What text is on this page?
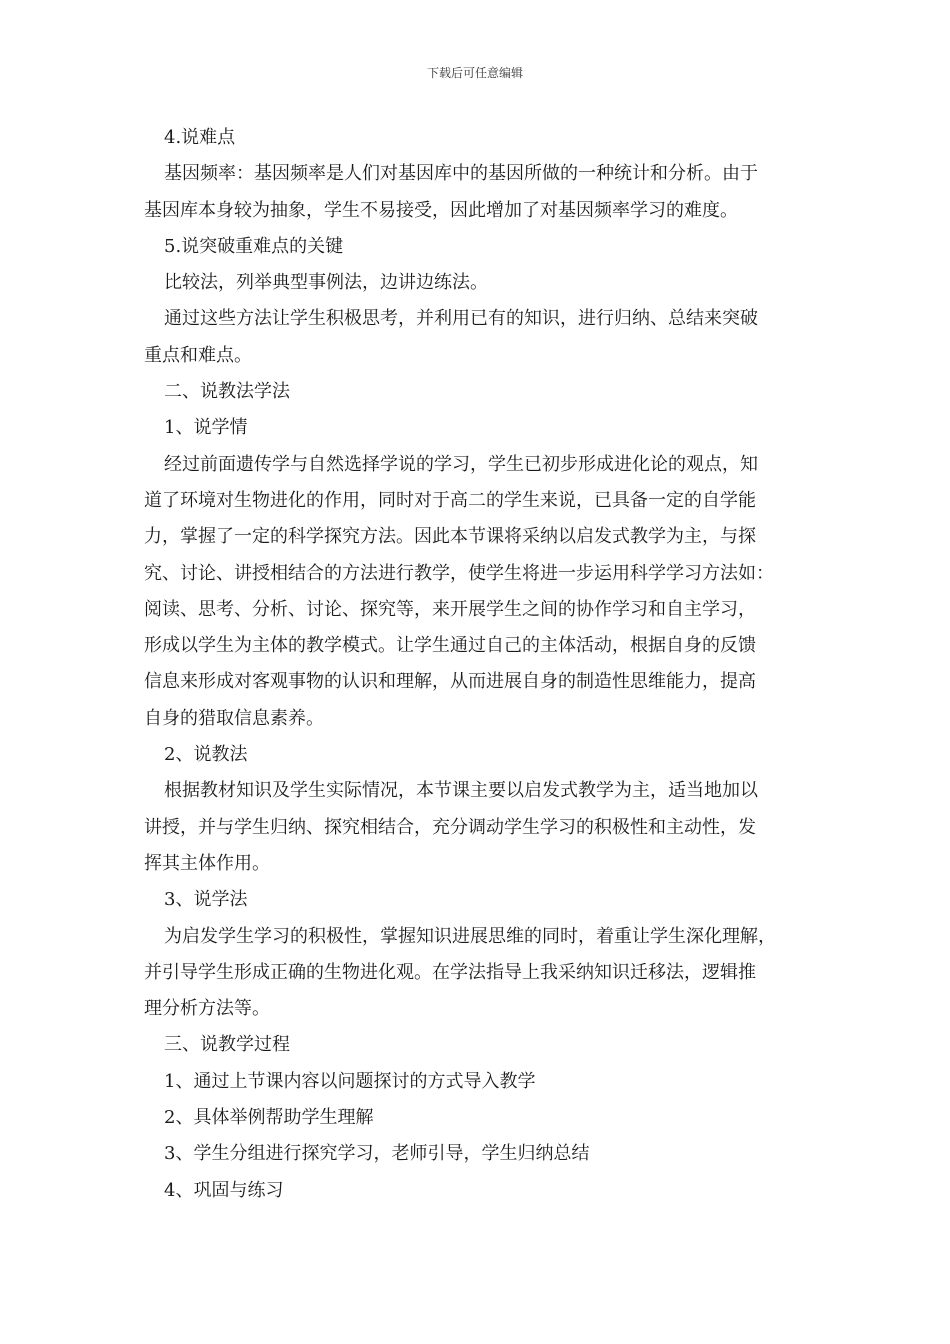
下载后可任意编辑
4.说难点
基因频率：基因频率是人们对基因库中的基因所做的一种统计和分析。由于
基因库本身较为抽象，学生不易接受，因此增加了对基因频率学习的难度。
5.说突破重难点的关键
比较法，列举典型事例法，边讲边练法。
通过这些方法让学生积极思考，并利用已有的知识，进行归纳、总结来突破
重点和难点。
二、说教法学法
1、说学情
经过前面遗传学与自然选择学说的学习，学生已初步形成进化论的观点，知
道了环境对生物进化的作用，同时对于高二的学生来说，已具备一定的自学能
力，掌握了一定的科学探究方法。因此本节课将采纳以启发式教学为主，与探
究、讨论、讲授相结合的方法进行教学，使学生将进一步运用科学学习方法如：
阅读、思考、分析、讨论、探究等，来开展学生之间的协作学习和自主学习，
形成以学生为主体的教学模式。让学生通过自己的主体活动，根据自身的反馈
信息来形成对客观事物的认识和理解，从而进展自身的制造性思维能力，提高
自身的猎取信息素养。
2、说教法
根据教材知识及学生实际情况，本节课主要以启发式教学为主，适当地加以
讲授，并与学生归纳、探究相结合，充分调动学生学习的积极性和主动性，发
挥其主体作用。
3、说学法
为启发学生学习的积极性，掌握知识进展思维的同时，着重让学生深化理解，
并引导学生形成正确的生物进化观。在学法指导上我采纳知识迁移法，逻辑推
理分析方法等。
三、说教学过程
1、通过上节课内容以问题探讨的方式导入教学
2、具体举例帮助学生理解
3、学生分组进行探究学习，老师引导，学生归纳总结
4、巩固与练习
